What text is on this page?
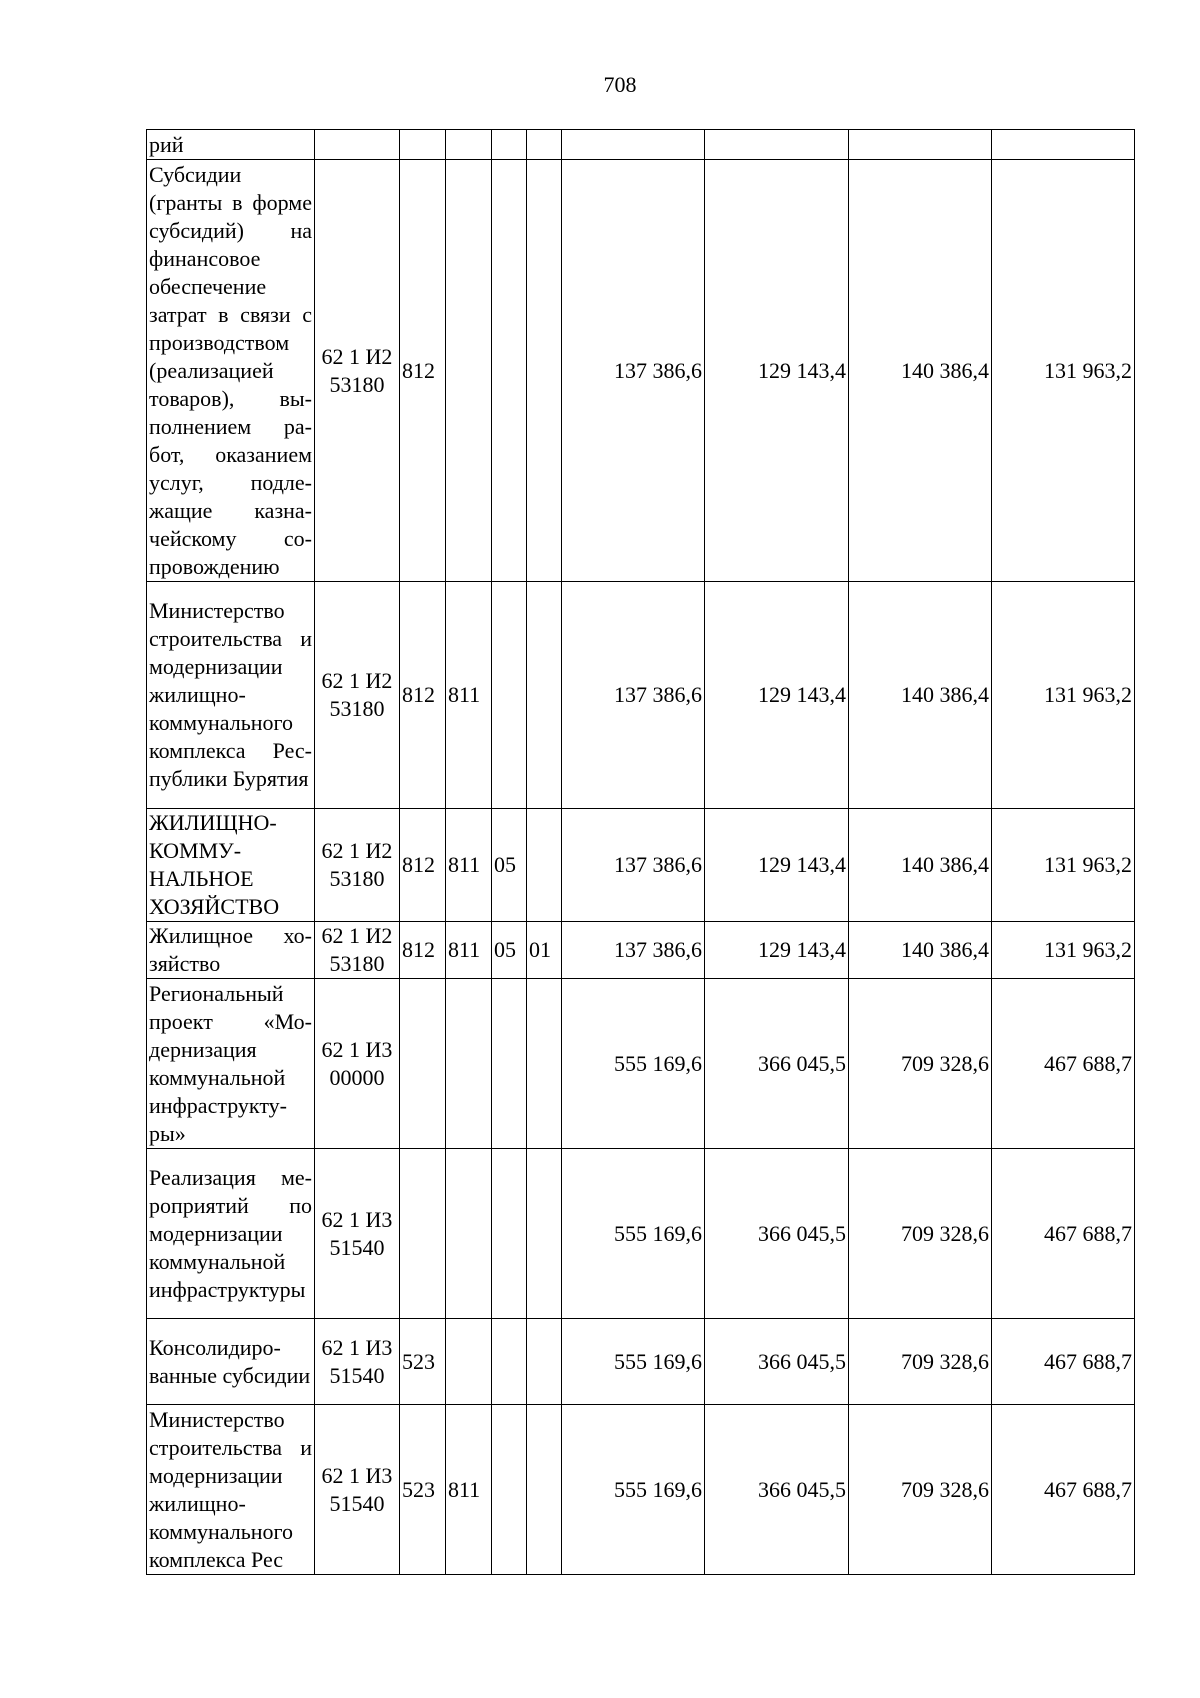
708
рий									
Субсидии (гранты в форме субсидий) на финансовое обеспечение затрат в связи с производством (реализацией товаров), выполнением работ, оказанием услуг, подлежащие казначейскому сопровождению	62 1 И2 53180	812				137 386,6	129 143,4	140 386,4	131 963,2
Министерство строительства и модернизации жилищно-коммунального комплекса Республики Бурятия	62 1 И2 53180	812	811			137 386,6	129 143,4	140 386,4	131 963,2
ЖИЛИЩНО-КОММУНАЛЬНОЕ ХОЗЯЙСТВО	62 1 И2 53180	812	811	05		137 386,6	129 143,4	140 386,4	131 963,2
Жилищное хозяйство	62 1 И2 53180	812	811	05	01	137 386,6	129 143,4	140 386,4	131 963,2
Региональный проект «Модернизация коммунальной инфраструктуры»	62 1 И3 00000					555 169,6	366 045,5	709 328,6	467 688,7
Реализация мероприятий по модернизации коммунальной инфраструктуры	62 1 И3 51540					555 169,6	366 045,5	709 328,6	467 688,7
Консолидированные субсидии	62 1 И3 51540	523				555 169,6	366 045,5	709 328,6	467 688,7
Министерство строительства и модернизации жилищно-коммунального комплекса Рес	62 1 И3 51540	523	811			555 169,6	366 045,5	709 328,6	467 688,7
